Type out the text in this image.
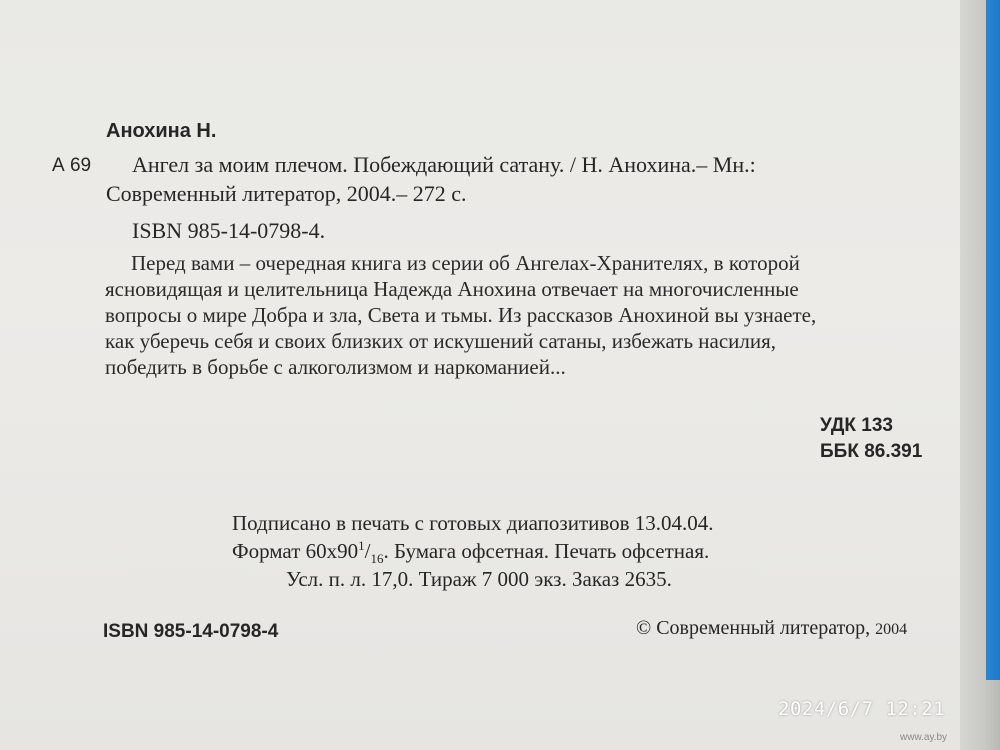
Анохина Н.
А 69 Ангел за моим плечом. Побеждающий сатану. / Н. Анохина.– Мн.:
Современный литератор, 2004.– 272 с.
ISBN 985-14-0798-4.
Перед вами – очередная книга из серии об Ангелах-Хранителях, в которой
ясновидящая и целительница Надежда Анохина отвечает на многочисленные
вопросы о мире Добра и зла, Света и тьмы. Из рассказов Анохиной вы узнаете,
как уберечь себя и своих близких от искушений сатаны, избежать насилия,
победить в борьбе с алкоголизмом и наркоманией...
УДК 133
ББК 86.391
Подписано в печать с готовых диапозитивов 13.04.04.
Формат $60x90^1/_{16}$. Бумага офсетная. Печать офсетная.
Усл. п. л. 17,0. Тираж 7 000 экз. Заказ 2635.
ISBN 985-14-0798-4	© Современный литератор, 2004
2024/6/7 12:21
www.ay.by
